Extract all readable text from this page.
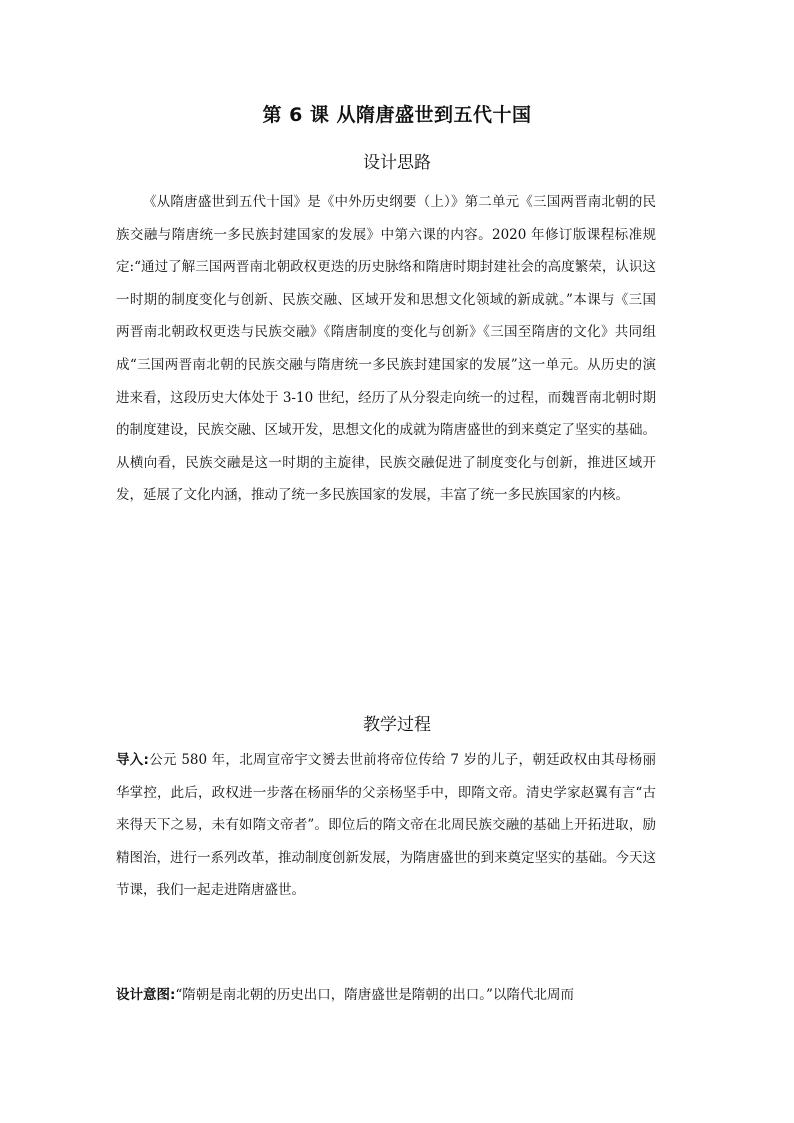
第 6 课 从隋唐盛世到五代十国
设计思路
《从隋唐盛世到五代十国》是《中外历史纲要（上）》第二单元《三国两晋南北朝的民族交融与隋唐统一多民族封建国家的发展》中第六课的内容。2020 年修订版课程标准规定:“通过了解三国两晋南北朝政权更迭的历史脉络和隋唐时期封建社会的高度繁荣，认识这一时期的制度变化与创新、民族交融、区域开发和思想文化领域的新成就。”本课与《三国两晋南北朝政权更迭与民族交融》《隋唐制度的变化与创新》《三国至隋唐的文化》共同组成“三国两晋南北朝的民族交融与隋唐统一多民族封建国家的发展”这一单元。从历史的演进来看，这段历史大体处于 3-10 世纪，经历了从分裂走向统一的过程，而魏晋南北朝时期的制度建设，民族交融、区域开发，思想文化的成就为隋唐盛世的到来奠定了坚实的基础。从横向看，民族交融是这一时期的主旋律，民族交融促进了制度变化与创新，推进区域开发，延展了文化内涵，推动了统一多民族国家的发展，丰富了统一多民族国家的内核。
教学过程
导入:公元 580 年，北周宣帝宇文赟去世前将帝位传给 7 岁的儿子，朝廷政权由其母杨丽华掌控，此后，政权进一步落在杨丽华的父亲杨坚手中，即隋文帝。清史学家赵翼有言“古来得天下之易，未有如隋文帝者”。即位后的隋文帝在北周民族交融的基础上开拓进取，励精图治，进行一系列改革，推动制度创新发展，为隋唐盛世的到来奠定坚实的基础。今天这节课，我们一起走进隋唐盛世。
设计意图:“隋朝是南北朝的历史出口，隋唐盛世是隋朝的出口。”以隋代北周而
